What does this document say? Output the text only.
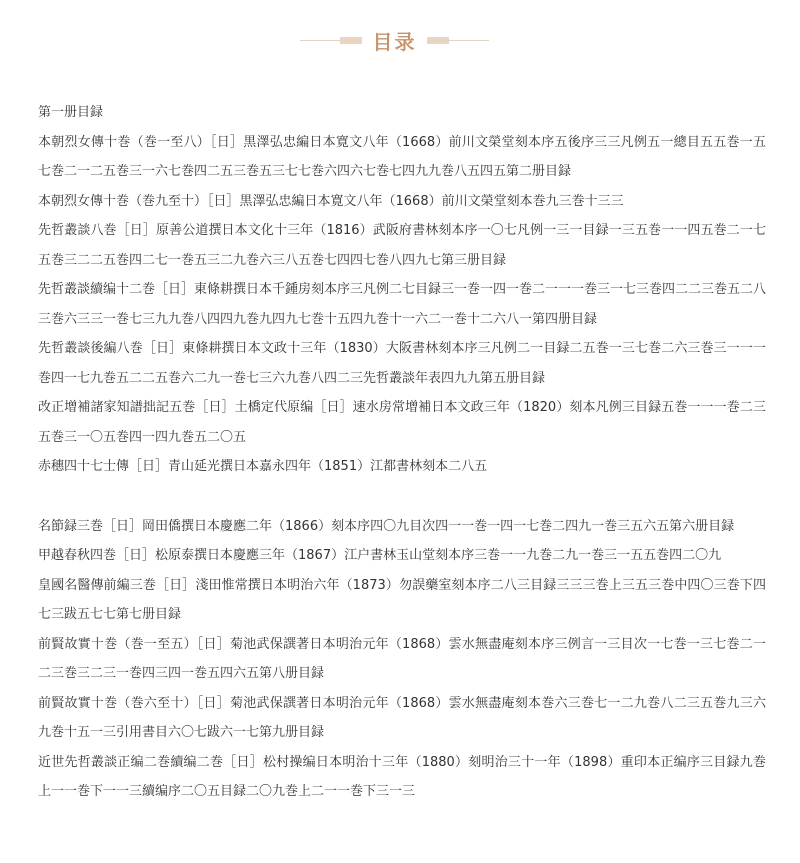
目录

第一册目録

本朝烈女傳十巻（巻一至八）［日］黒澤弘忠編日本寛文八年（1668）前川文榮堂刻本序五後序三三凡例五一總目五五巻一五七巻二一二五巻三一六七巻四二五三巻五三七七巻六四六七巻七四九九巻八五四五第二册目録

本朝烈女傳十巻（巻九至十）［日］黒澤弘忠編日本寛文八年（1668）前川文榮堂刻本巻九三巻十三三

先哲叢談八巻［日］原善公道撰日本文化十三年（1816）武阪府書林刻本序一〇七凡例一三一目録一三五巻一一四五巻二一七五巻三二二五巻四二七一巻五三二九巻六三八五巻七四四七巻八四九七第三册目録

先哲叢談續编十二巻［日］東條耕撰日本千鍾房刻本序三凡例二七目録三一巻一四一巻二一一一巻三一七三巻四二二三巻五二八三巻六三三一巻七三九九巻八四四九巻九四九七巻十五四九巻十一六二一巻十二六八一第四册目録

先哲叢談後編八巻［日］東條耕撰日本文政十三年（1830）大阪書林刻本序三凡例二一目録二五巻一三七巻二六三巻三一一一巻四一七九巻五二二五巻六二九一巻七三六九巻八四二三先哲叢談年表四九九第五册目録

改正增補諸家知譜拙記五巻［日］土橋定代原编［日］速水房常增補日本文政三年（1820）刻本凡例三目録五巻一一一巻二三五巻三一〇五巻四一四九巻五二〇五

赤穗四十七士傳［日］青山延光撰日本嘉永四年（1851）江都書林刻本二八五

名節録三巻［日］岡田僑撰日本慶應二年（1866）刻本序四〇九目次四一一巻一四一七巻二四九一巻三五六五第六册目録

甲越春秋四巻［日］松原泰撰日本慶應三年（1867）江户書林玉山堂刻本序三巻一一九巻二九一巻三一五五巻四二〇九

皇國名醫傳前編三巻［日］淺田惟常撰日本明治六年（1873）勿誤藥室刻本序二八三目録三三三巻上三五三巻中四〇三巻下四七三跋五七七第七册目録

前賢故實十巻（巻一至五）［日］菊池武保譔著日本明治元年（1868）雲水無盡庵刻本序三例言一三目次一七巻一三七巻二一二三巻三二三一巻四三四一巻五四六五第八册目録

前賢故實十巻（巻六至十）［日］菊池武保譔著日本明治元年（1868）雲水無盡庵刻本巻六三巻七一二九巻八二三五巻九三六九巻十五一三引用書目六〇七跋六一七第九册目録

近世先哲叢談正编二巻續编二巻［日］松村操编日本明治十三年（1880）刻明治三十一年（1898）重印本正编序三目録九巻上一一巻下一一三續编序二〇五目録二〇九巻上二一一巻下三一三
